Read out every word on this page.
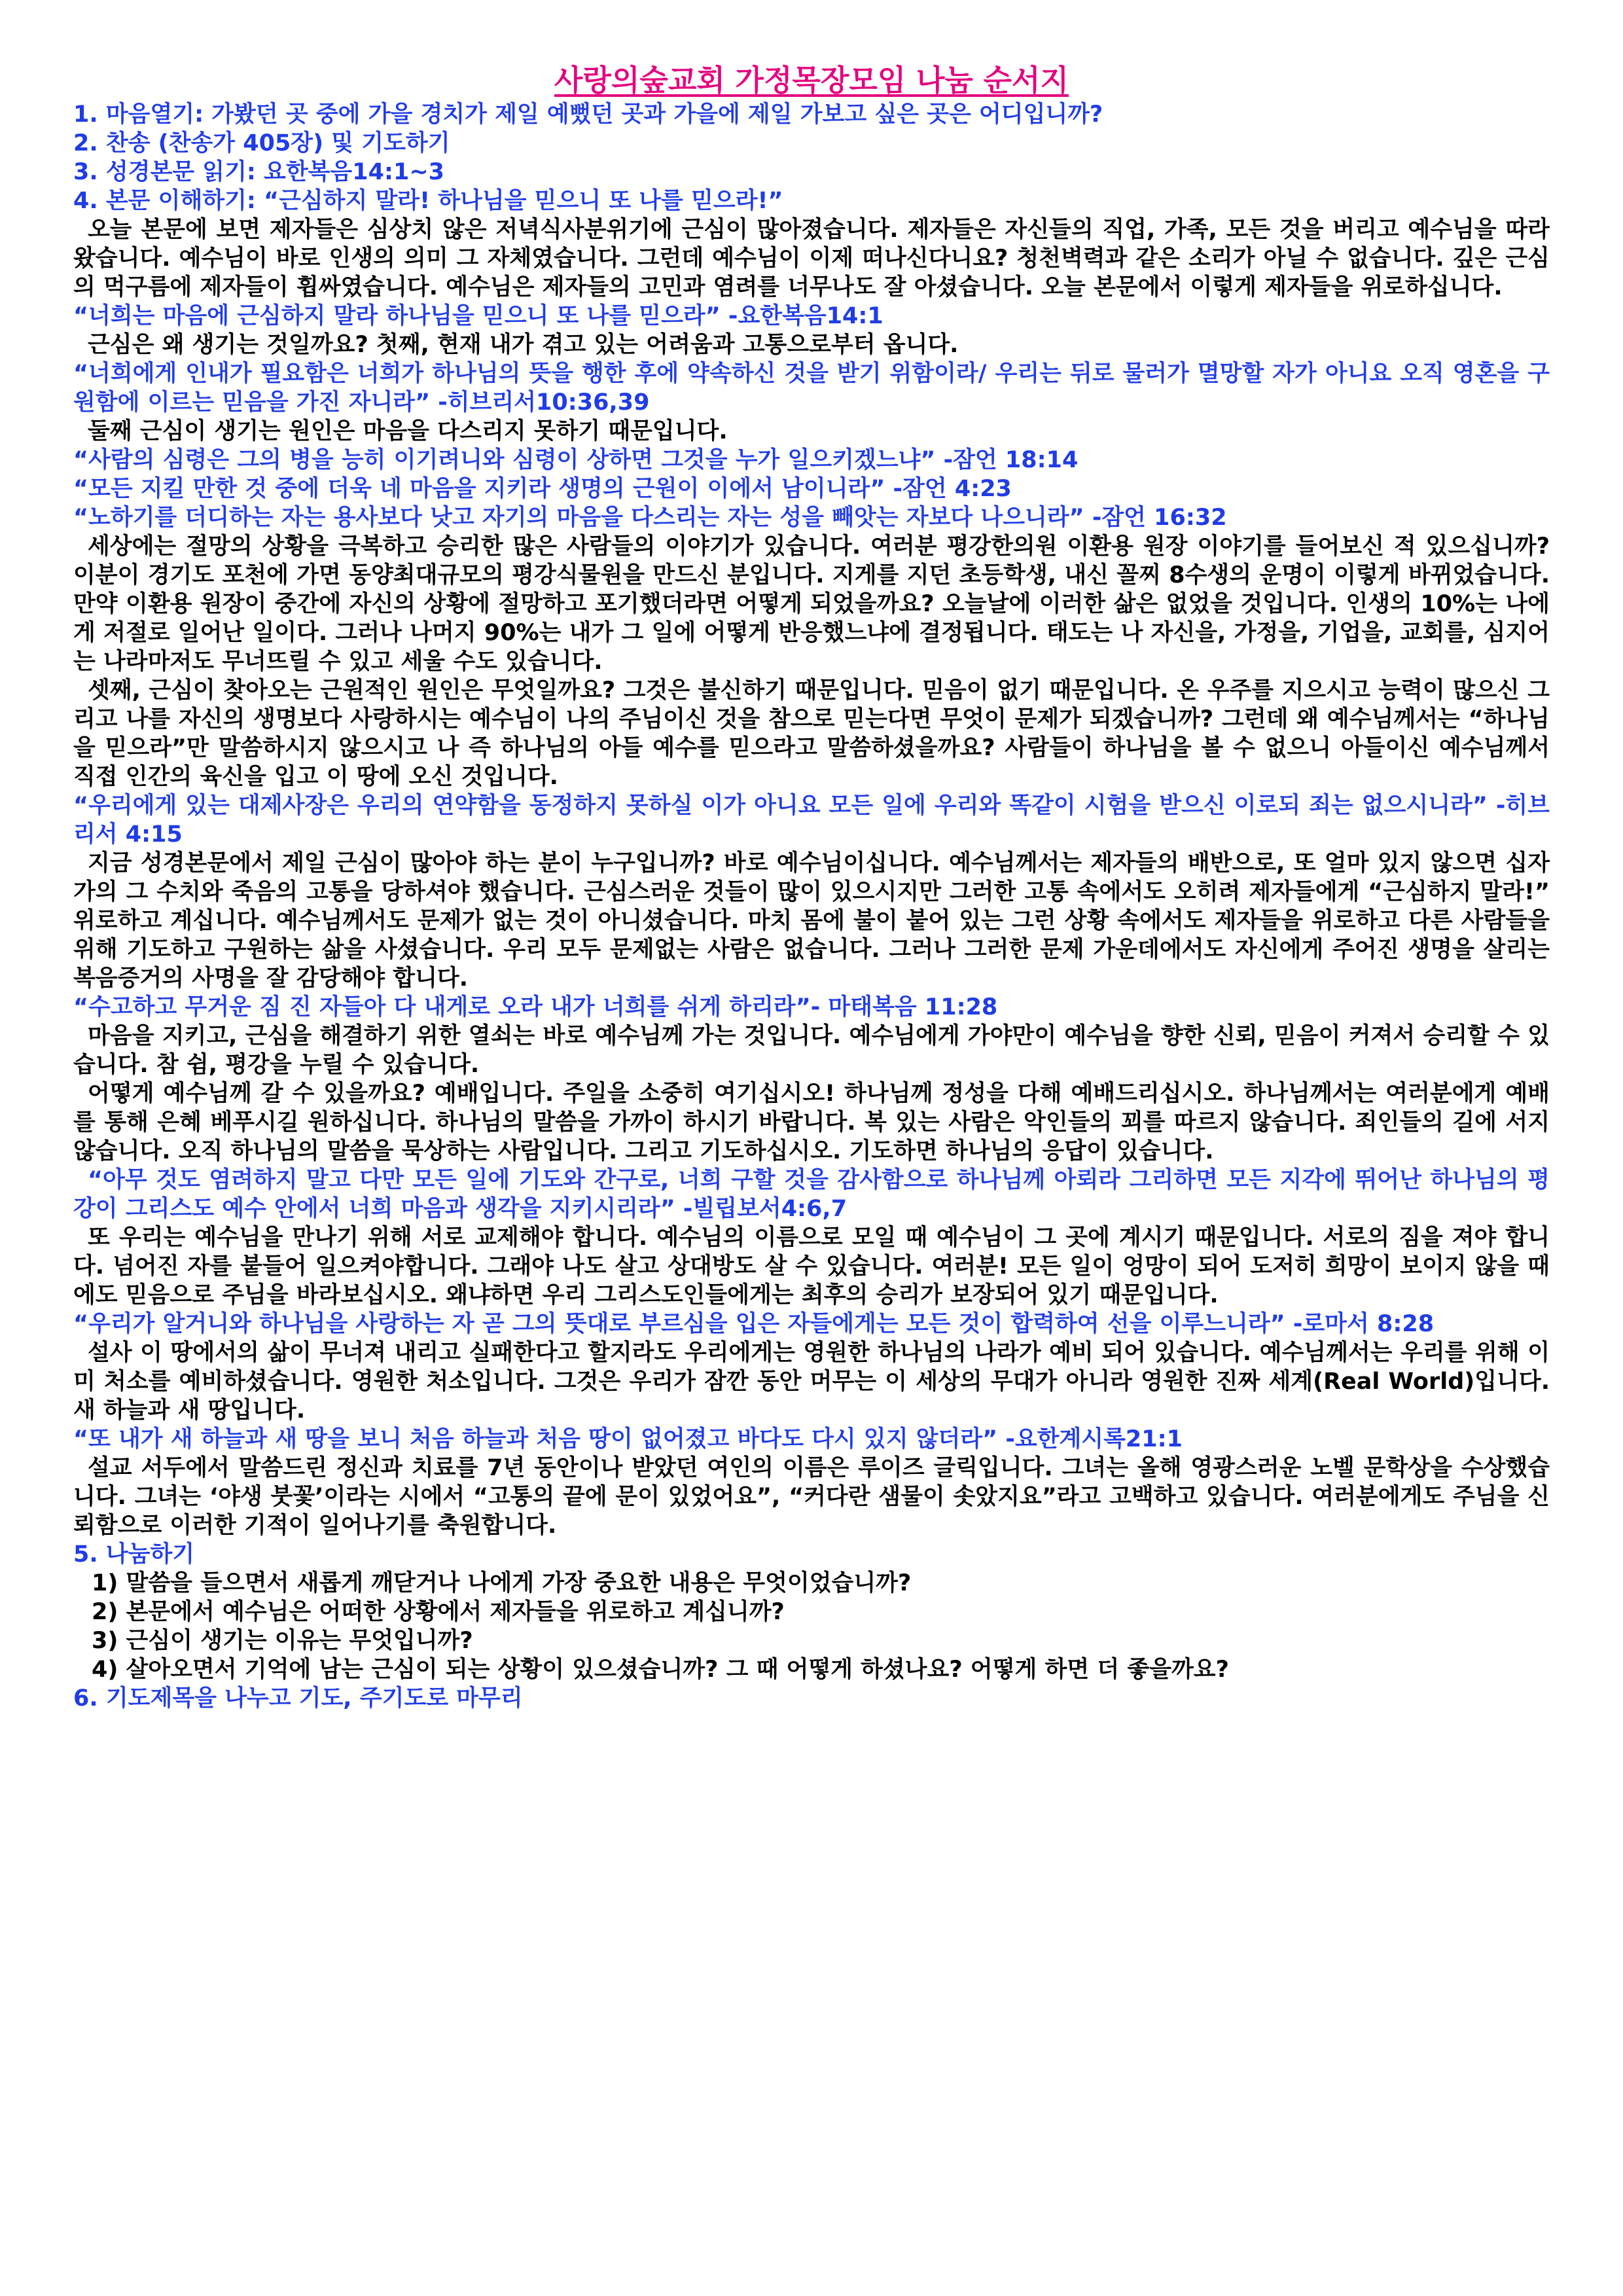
사랑의숲교회 가정목장모임 나눔 순서지

1. 마음열기: 가봤던 곳 중에 가을 경치가 제일 예뻤던 곳과 가을에 제일 가보고 싶은 곳은 어디입니까?

2. 찬송 (찬송가 405장) 및 기도하기

3. 성경본문 읽기: 요한복음14:1~3

4. 본문 이해하기: “근심하지 말라! 하나님을 믿으니 또 나를 믿으라!”

오늘 본문에 보면 제자들은 심상치 않은 저녁식사분위기에 근심이 많아졌습니다. 제자들은 자신들의 직업, 가족, 모든 것을 버리고 예수님을 따라왔습니다. 예수님이 바로 인생의 의미 그 자체였습니다. 그런데 예수님이 이제 떠나신다니요? 청천벽력과 같은 소리가 아닐 수 없습니다. 깊은 근심의 먹구름에 제자들이 휩싸였습니다. 예수님은 제자들의 고민과 염려를 너무나도 잘 아셨습니다. 오늘 본문에서 이렇게 제자들을 위로하십니다.

“너희는 마음에 근심하지 말라 하나님을 믿으니 또 나를 믿으라” -요한복음14:1

근심은 왜 생기는 것일까요? 첫째, 현재 내가 겪고 있는 어려움과 고통으로부터 옵니다.

“너희에게 인내가 필요함은 너희가 하나님의 뜻을 행한 후에 약속하신 것을 받기 위함이라/ 우리는 뒤로 물러가 멸망할 자가 아니요 오직 영혼을 구원함에 이르는 믿음을 가진 자니라” -히브리서10:36,39

둘째 근심이 생기는 원인은 마음을 다스리지 못하기 때문입니다.

“사람의 심령은 그의 병을 능히 이기려니와 심령이 상하면 그것을 누가 일으키겠느냐” -잠언 18:14

“모든 지킬 만한 것 중에 더욱 네 마음을 지키라 생명의 근원이 이에서 남이니라” -잠언 4:23

“노하기를 더디하는 자는 용사보다 낫고 자기의 마음을 다스리는 자는 성을 빼앗는 자보다 나으니라” -잠언 16:32

세상에는 절망의 상황을 극복하고 승리한 많은 사람들의 이야기가 있습니다. 여러분 평강한의원 이환용 원장 이야기를 들어보신 적 있으십니까? 이분이 경기도 포천에 가면 동양최대규모의 평강식물원을 만드신 분입니다. 지게를 지던 초등학생, 내신 꼴찌 8수생의 운명이 이렇게 바뀌었습니다. 만약 이환용 원장이 중간에 자신의 상황에 절망하고 포기했더라면 어떻게 되었을까요? 오늘날에 이러한 삶은 없었을 것입니다. 인생의 10%는 나에게 저절로 일어난 일이다. 그러나 나머지 90%는 내가 그 일에 어떻게 반응했느냐에 결정됩니다. 태도는 나 자신을, 가정을, 기업을, 교회를, 심지어는 나라마저도 무너뜨릴 수 있고 세울 수도 있습니다.

셋째, 근심이 찾아오는 근원적인 원인은 무엇일까요? 그것은 불신하기 때문입니다. 믿음이 없기 때문입니다. 온 우주를 지으시고 능력이 많으신 그리고 나를 자신의 생명보다 사랑하시는 예수님이 나의 주님이신 것을 참으로 믿는다면 무엇이 문제가 되겠습니까? 그런데 왜 예수님께서는 “하나님을 믿으라”만 말씀하시지 않으시고 나 즉 하나님의 아들 예수를 믿으라고 말씀하셨을까요? 사람들이 하나님을 볼 수 없으니 아들이신 예수님께서 직접 인간의 육신을 입고 이 땅에 오신 것입니다.

“우리에게 있는 대제사장은 우리의 연약함을 동정하지 못하실 이가 아니요 모든 일에 우리와 똑같이 시험을 받으신 이로되 죄는 없으시니라” -히브리서 4:15

지금 성경본문에서 제일 근심이 많아야 하는 분이 누구입니까? 바로 예수님이십니다. 예수님께서는 제자들의 배반으로, 또 얼마 있지 않으면 십자가의 그 수치와 죽음의 고통을 당하셔야 했습니다. 근심스러운 것들이 많이 있으시지만 그러한 고통 속에서도 오히려 제자들에게 “근심하지 말라!” 위로하고 계십니다. 예수님께서도 문제가 없는 것이 아니셨습니다. 마치 몸에 불이 붙어 있는 그런 상황 속에서도 제자들을 위로하고 다른 사람들을 위해 기도하고 구원하는 삶을 사셨습니다. 우리 모두 문제없는 사람은 없습니다. 그러나 그러한 문제 가운데에서도 자신에게 주어진 생명을 살리는 복음증거의 사명을 잘 감당해야 합니다.

“수고하고 무거운 짐 진 자들아 다 내게로 오라 내가 너희를 쉬게 하리라”- 마태복음 11:28

마음을 지키고, 근심을 해결하기 위한 열쇠는 바로 예수님께 가는 것입니다. 예수님에게 가야만이 예수님을 향한 신뢰, 믿음이 커져서 승리할 수 있습니다. 참 쉼, 평강을 누릴 수 있습니다.

어떻게 예수님께 갈 수 있을까요? 예배입니다. 주일을 소중히 여기십시오! 하나님께 정성을 다해 예배드리십시오. 하나님께서는 여러분에게 예배를 통해 은혜 베푸시길 원하십니다. 하나님의 말씀을 가까이 하시기 바랍니다. 복 있는 사람은 악인들의 꾀를 따르지 않습니다. 죄인들의 길에 서지 않습니다. 오직 하나님의 말씀을 묵상하는 사람입니다. 그리고 기도하십시오. 기도하면 하나님의 응답이 있습니다.

“아무 것도 염려하지 말고 다만 모든 일에 기도와 간구로, 너희 구할 것을 감사함으로 하나님께 아뢰라 그리하면 모든 지각에 뛰어난 하나님의 평강이 그리스도 예수 안에서 너희 마음과 생각을 지키시리라” -빌립보서4:6,7

또 우리는 예수님을 만나기 위해 서로 교제해야 합니다. 예수님의 이름으로 모일 때 예수님이 그 곳에 계시기 때문입니다. 서로의 짐을 져야 합니다. 넘어진 자를 붙들어 일으켜야합니다. 그래야 나도 살고 상대방도 살 수 있습니다. 여러분! 모든 일이 엉망이 되어 도저히 희망이 보이지 않을 때에도 믿음으로 주님을 바라보십시오. 왜냐하면 우리 그리스도인들에게는 최후의 승리가 보장되어 있기 때문입니다.

“우리가 알거니와 하나님을 사랑하는 자 곧 그의 뜻대로 부르심을 입은 자들에게는 모든 것이 합력하여 선을 이루느니라” -로마서 8:28

설사 이 땅에서의 삶이 무너져 내리고 실패한다고 할지라도 우리에게는 영원한 하나님의 나라가 예비 되어 있습니다. 예수님께서는 우리를 위해 이미 처소를 예비하셨습니다. 영원한 처소입니다. 그것은 우리가 잠깐 동안 머무는 이 세상의 무대가 아니라 영원한 진짜 세계(Real World)입니다. 새 하늘과 새 땅입니다.

“또 내가 새 하늘과 새 땅을 보니 처음 하늘과 처음 땅이 없어졌고 바다도 다시 있지 않더라” -요한계시록21:1

설교 서두에서 말씀드린 정신과 치료를 7년 동안이나 받았던 여인의 이름은 루이즈 글릭입니다. 그녀는 올해 영광스러운 노벨 문학상을 수상했습니다. 그녀는 ‘야생 붓꽃’이라는 시에서 “고통의 끝에 문이 있었어요”, “커다란 샘물이 솟았지요”라고 고백하고 있습니다. 여러분에게도 주님을 신뢰함으로 이러한 기적이 일어나기를 축원합니다.

5. 나눔하기

1) 말씀을 들으면서 새롭게 깨닫거나 나에게 가장 중요한 내용은 무엇이었습니까?

2) 본문에서 예수님은 어떠한 상황에서 제자들을 위로하고 계십니까?

3) 근심이 생기는 이유는 무엇입니까?

4) 살아오면서 기억에 남는 근심이 되는 상황이 있으셨습니까? 그 때 어떻게 하셨나요? 어떻게 하면 더 좋을까요?

6. 기도제목을 나누고 기도, 주기도로 마무리
